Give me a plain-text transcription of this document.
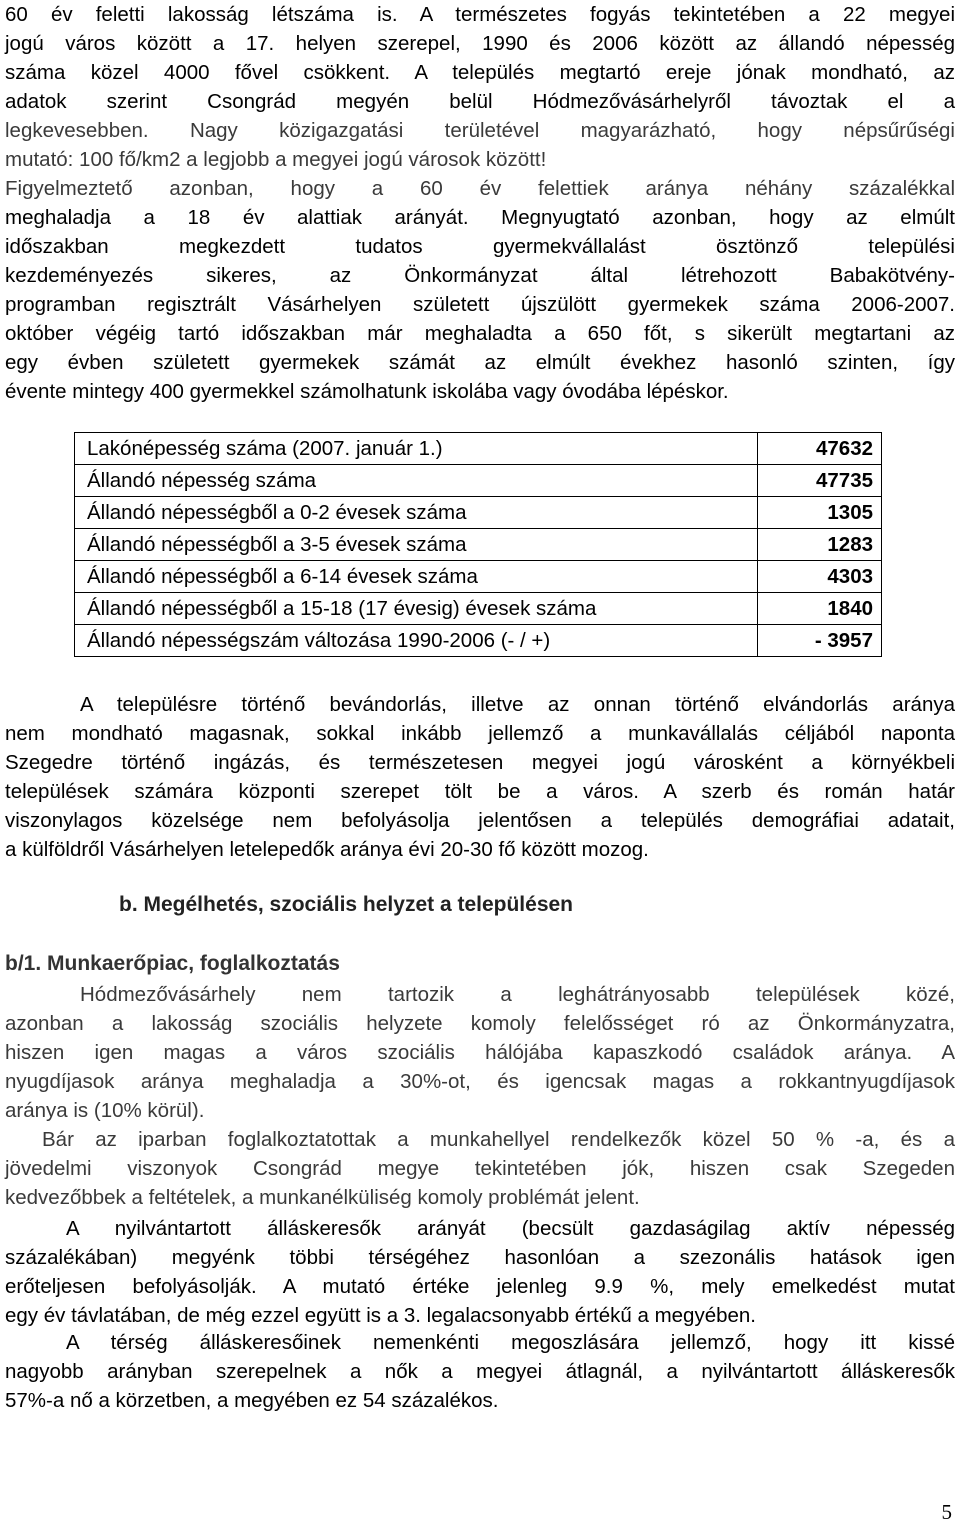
60 év feletti lakosság létszáma is. A természetes fogyás tekintetében a 22 megyei
jogú város között a 17. helyen szerepel, 1990 és 2006 között az állandó népesség
száma közel 4000 fővel csökkent. A település megtartó ereje jónak mondható, az
adatok szerint Csongrád megyén belül Hódmezővásárhelyről távoztak el a
legkevesebben. Nagy közigazgatási területével magyarázható, hogy népsűrűségi
mutató: 100 fő/km2 a legjobb a megyei jogú városok között!
Figyelmeztető azonban, hogy a 60 év felettiek aránya néhány százalékkal
meghaladja a 18 év alattiak arányát. Megnyugtató azonban, hogy az elmúlt
időszakban megkezdett tudatos gyermekvállalást ösztönző települési
kezdeményezés sikeres, az Önkormányzat által létrehozott Babakötvény-
programban regisztrált Vásárhelyen született újszülött gyermekek száma 2006-2007.
október végéig tartó időszakban már meghaladta a 650 főt, s sikerült megtartani az
egy évben született gyermekek számát az elmúlt évekhez hasonló szinten, így
évente mintegy 400 gyermekkel számolhatunk iskolába vagy óvodába lépéskor.
Lakónépesség száma (2007. január 1.)	47632
Állandó népesség száma	47735
Állandó népességből a 0-2 évesek száma	1305
Állandó népességből a 3-5 évesek száma	1283
Állandó népességből a 6-14 évesek száma	4303
Állandó népességből a 15-18 (17 évesig) évesek száma	1840
Állandó népességszám változása 1990-2006 (- / +)	- 3957
A településre történő bevándorlás, illetve az onnan történő elvándorlás aránya
nem mondható magasnak, sokkal inkább jellemző a munkavállalás céljából naponta
Szegedre történő ingázás, és természetesen megyei jogú városként a környékbeli
települések számára központi szerepet tölt be a város. A szerb és román határ
viszonylagos közelsége nem befolyásolja jelentősen a település demográfiai adatait,
a külföldről Vásárhelyen letelepedők aránya évi 20-30 fő között mozog.
b. Megélhetés, szociális helyzet a településen
b/1. Munkaerőpiac, foglalkoztatás
Hódmezővásárhely nem tartozik a leghátrányosabb települések közé,
azonban a lakosság szociális helyzete komoly felelősséget ró az Önkormányzatra,
hiszen igen magas a város szociális hálójába kapaszkodó családok aránya. A
nyugdíjasok aránya meghaladja a 30%-ot, és igencsak magas a rokkantnyugdíjasok
aránya is (10% körül).
Bár az iparban foglalkoztatottak a munkahellyel rendelkezők közel 50 % -a, és a
jövedelmi viszonyok Csongrád megye tekintetében jók, hiszen csak Szegeden
kedvezőbbek a feltételek, a munkanélküliség komoly problémát jelent.
A nyilvántartott álláskeresők arányát (becsült gazdaságilag aktív népesség
százalékában) megyénk többi térségéhez hasonlóan a szezonális hatások igen
erőteljesen befolyásolják. A mutató értéke jelenleg 9.9 %, mely emelkedést mutat
egy év távlatában, de még ezzel együtt is a 3. legalacsonyabb értékű a megyében.
A térség álláskeresőinek nemenkénti megoszlására jellemző, hogy itt kissé
nagyobb arányban szerepelnek a nők a megyei átlagnál, a nyilvántartott álláskeresők
57%-a nő a körzetben, a megyében ez 54 százalékos.
5
